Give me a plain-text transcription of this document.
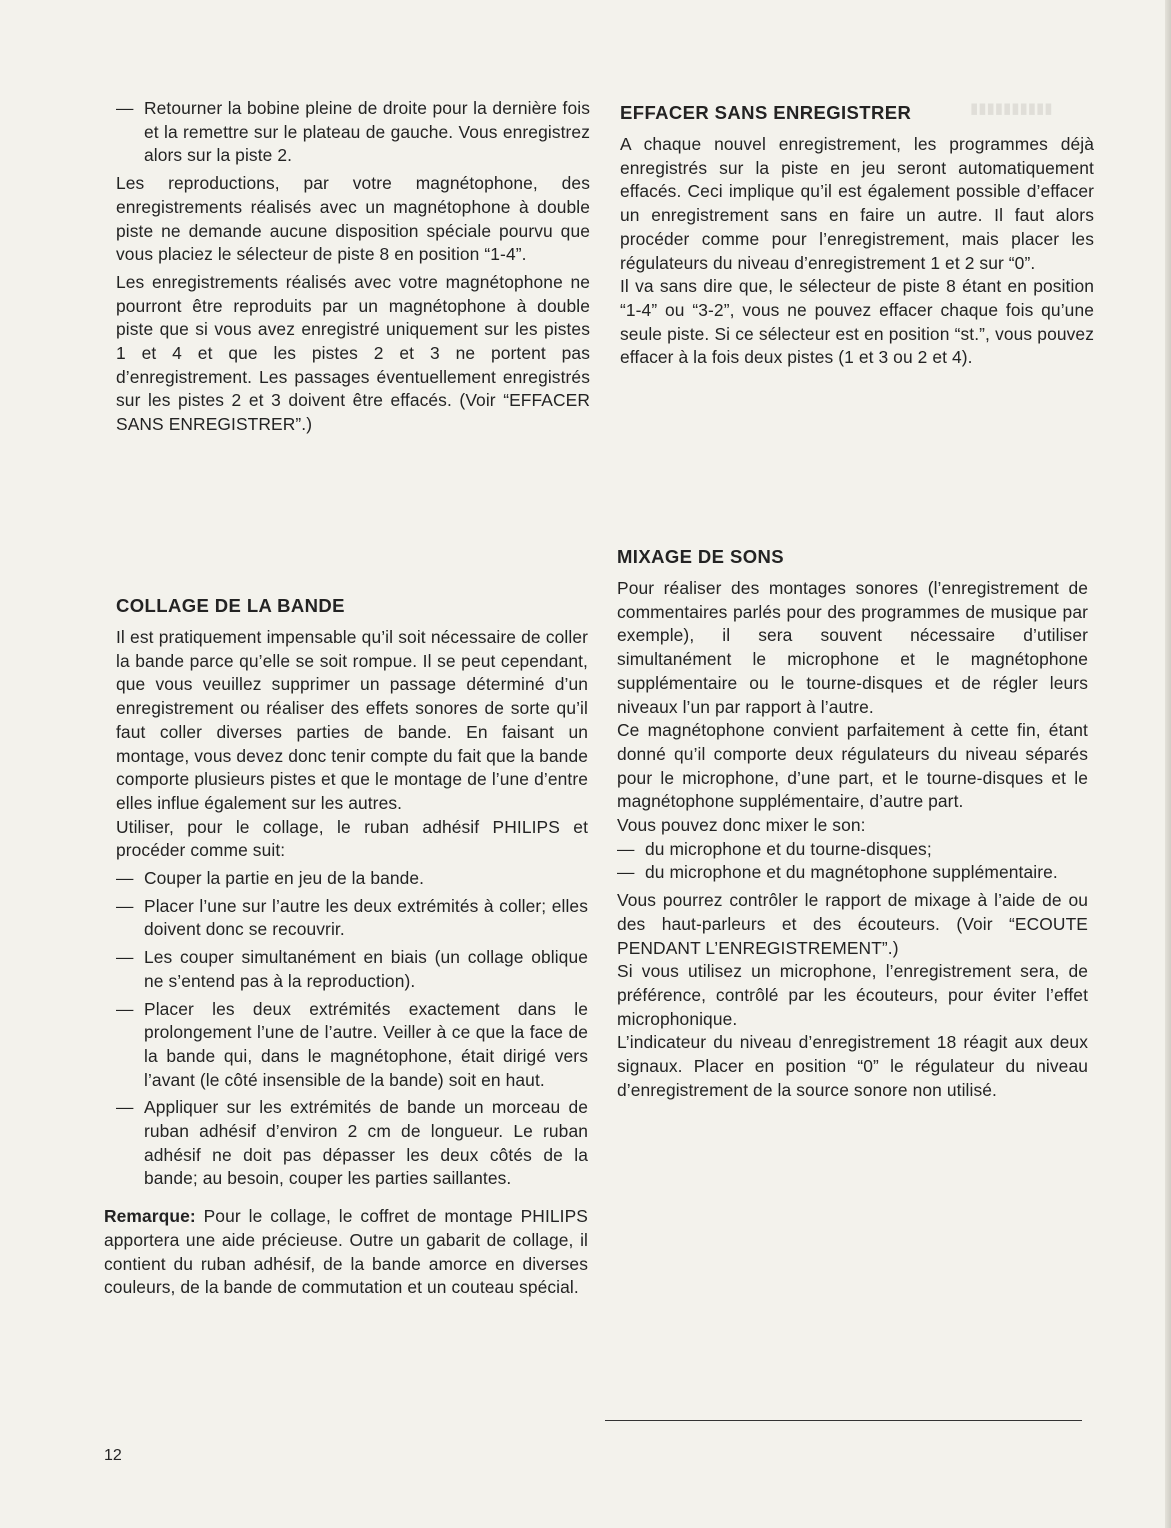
▮▮▮▮▮▮▮▮▮▮
— Retourner la bobine pleine de droite pour la dernière fois et la remettre sur le plateau de gauche. Vous enregistrez alors sur la piste 2.

Les reproductions, par votre magnétophone, des enregistrements réalisés avec un magnétophone à double piste ne demande aucune disposition spéciale pourvu que vous placiez le sélecteur de piste 8 en position “1-4”.

Les enregistrements réalisés avec votre magnétophone ne pourront être reproduits par un magnétophone à double piste que si vous avez enregistré uniquement sur les pistes 1 et 4 et que les pistes 2 et 3 ne portent pas d’enregistrement. Les passages éventuellement enregistrés sur les pistes 2 et 3 doivent être effacés. (Voir “EFFACER SANS ENREGISTRER”.)

COLLAGE DE LA BANDE

Il est pratiquement impensable qu’il soit nécessaire de coller la bande parce qu’elle se soit rompue. Il se peut cependant, que vous veuillez supprimer un passage déterminé d’un enregistrement ou réaliser des effets sonores de sorte qu’il faut coller diverses parties de bande. En faisant un montage, vous devez donc tenir compte du fait que la bande comporte plusieurs pistes et que le montage de l’une d’entre elles influe également sur les autres.

Utiliser, pour le collage, le ruban adhésif PHILIPS et procéder comme suit:

— Couper la partie en jeu de la bande.
— Placer l’une sur l’autre les deux extrémités à coller; elles doivent donc se recouvrir.
— Les couper simultanément en biais (un collage oblique ne s’entend pas à la reproduction).
— Placer les deux extrémités exactement dans le prolongement l’une de l’autre. Veiller à ce que la face de la bande qui, dans le magnétophone, était dirigé vers l’avant (le côté insensible de la bande) soit en haut.
— Appliquer sur les extrémités de bande un morceau de ruban adhésif d’environ 2 cm de longueur. Le ruban adhésif ne doit pas dépasser les deux côtés de la bande; au besoin, couper les parties saillantes.

Remarque: Pour le collage, le coffret de montage PHILIPS apportera une aide précieuse. Outre un gabarit de collage, il contient du ruban adhésif, de la bande amorce en diverses couleurs, de la bande de commutation et un couteau spécial.

EFFACER SANS ENREGISTRER

A chaque nouvel enregistrement, les programmes déjà enregistrés sur la piste en jeu seront automatiquement effacés. Ceci implique qu’il est également possible d’effacer un enregistrement sans en faire un autre. Il faut alors procéder comme pour l’enregistrement, mais placer les régulateurs du niveau d’enregistrement 1 et 2 sur “0”.

Il va sans dire que, le sélecteur de piste 8 étant en position “1-4” ou “3-2”, vous ne pouvez effacer chaque fois qu’une seule piste. Si ce sélecteur est en position “st.”, vous pouvez effacer à la fois deux pistes (1 et 3 ou 2 et 4).

MIXAGE DE SONS

Pour réaliser des montages sonores (l’enregistrement de commentaires parlés pour des programmes de musique par exemple), il sera souvent nécessaire d’utiliser simultanément le microphone et le magnétophone supplémentaire ou le tourne-disques et de régler leurs niveaux l’un par rapport à l’autre.

Ce magnétophone convient parfaitement à cette fin, étant donné qu’il comporte deux régulateurs du niveau séparés pour le microphone, d’une part, et le tourne-disques et le magnétophone supplémentaire, d’autre part.

Vous pouvez donc mixer le son:

— du microphone et du tourne-disques;
— du microphone et du magnétophone supplémentaire.

Vous pourrez contrôler le rapport de mixage à l’aide de ou des haut-parleurs et des écouteurs. (Voir “ECOUTE PENDANT L’ENREGISTREMENT”.)

Si vous utilisez un microphone, l’enregistrement sera, de préférence, contrôlé par les écouteurs, pour éviter l’effet microphonique.

L’indicateur du niveau d’enregistrement 18 réagit aux deux signaux. Placer en position “0” le régulateur du niveau d’enregistrement de la source sonore non utilisé.

12
